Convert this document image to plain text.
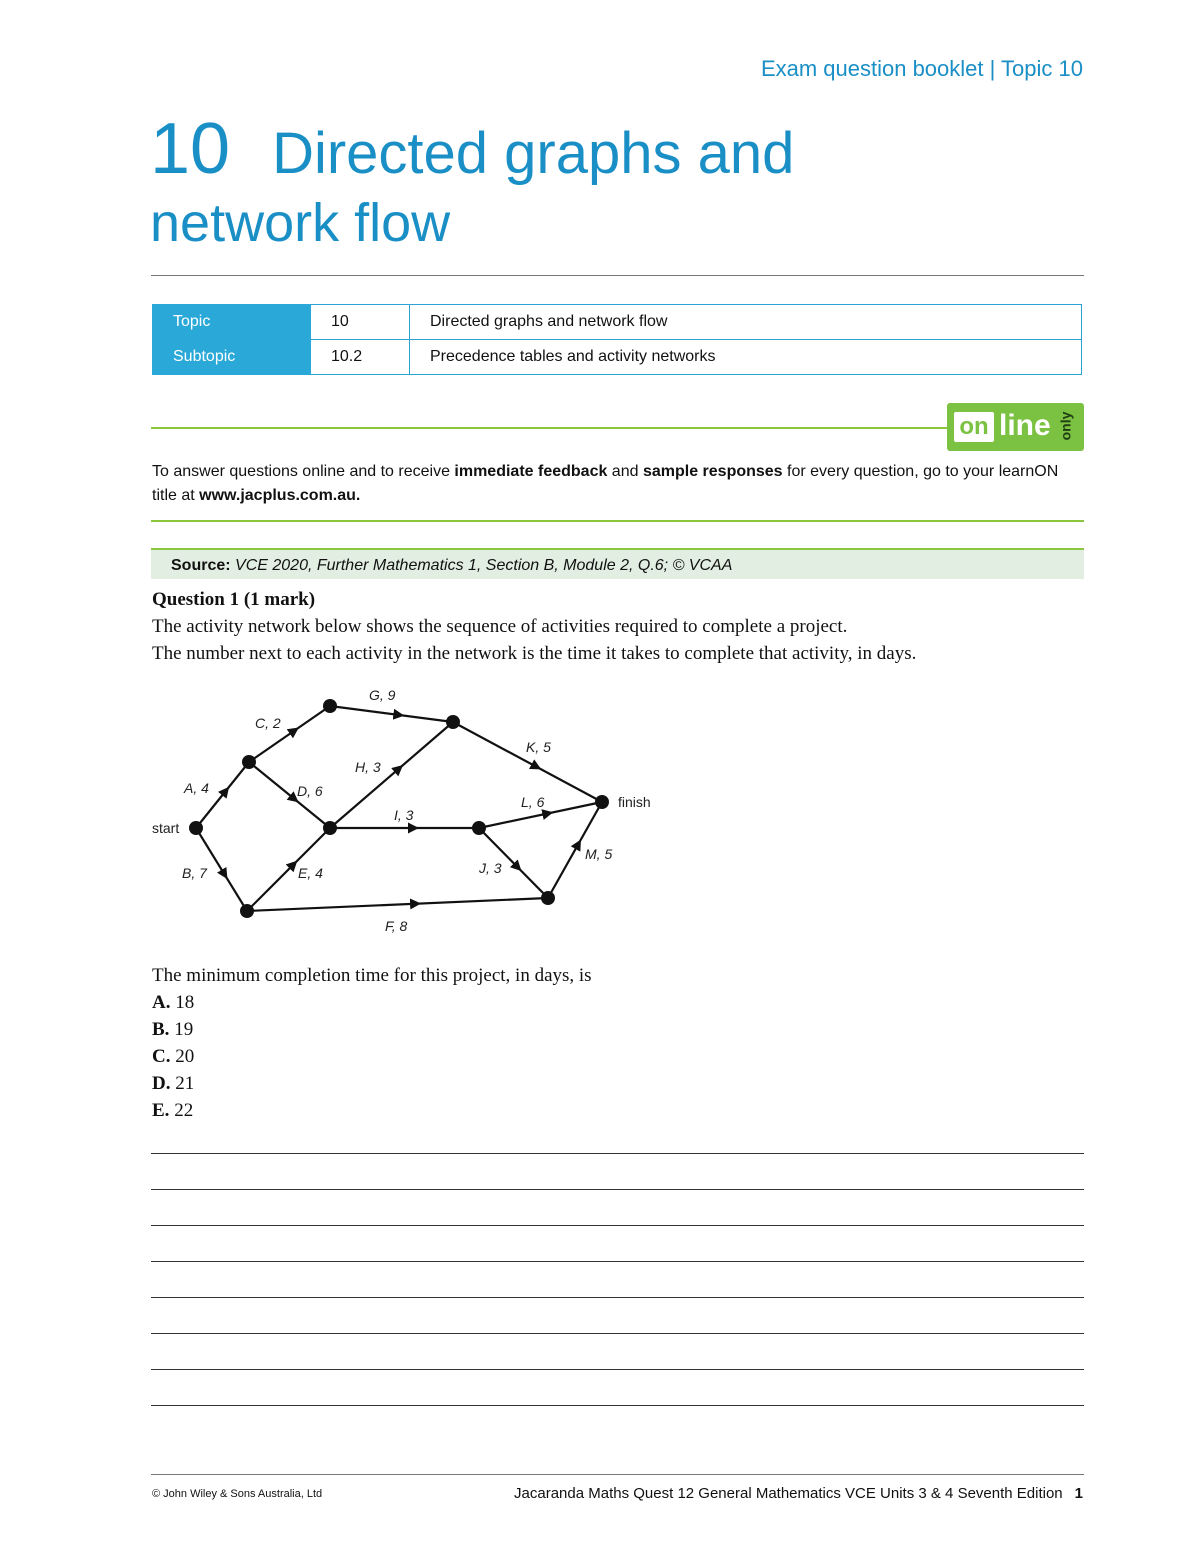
Exam question booklet | Topic 10
10 Directed graphs and
network flow
Topic	10	Directed graphs and network flow
Subtopic	10.2	Precedence tables and activity networks
on line only
To answer questions online and to receive immediate feedback and sample responses for every question, go to your learnON title at www.jacplus.com.au.
Source: VCE 2020, Further Mathematics 1, Section B, Module 2, Q.6; © VCAA
Question 1 (1 mark)
The activity network below shows the sequence of activities required to complete a project.
The number next to each activity in the network is the time it takes to complete that activity, in days.
start
finish
A, 4
B, 7
C, 2
D, 6
E, 4
F, 8
G, 9
H, 3
I, 3
J, 3
K, 5
L, 6
M, 5
The minimum completion time for this project, in days, is
A. 18
B. 19
C. 20
D. 21
E. 22
© John Wiley & Sons Australia, Ltd	Jacaranda Maths Quest 12 General Mathematics VCE Units 3 & 4 Seventh Edition 1
